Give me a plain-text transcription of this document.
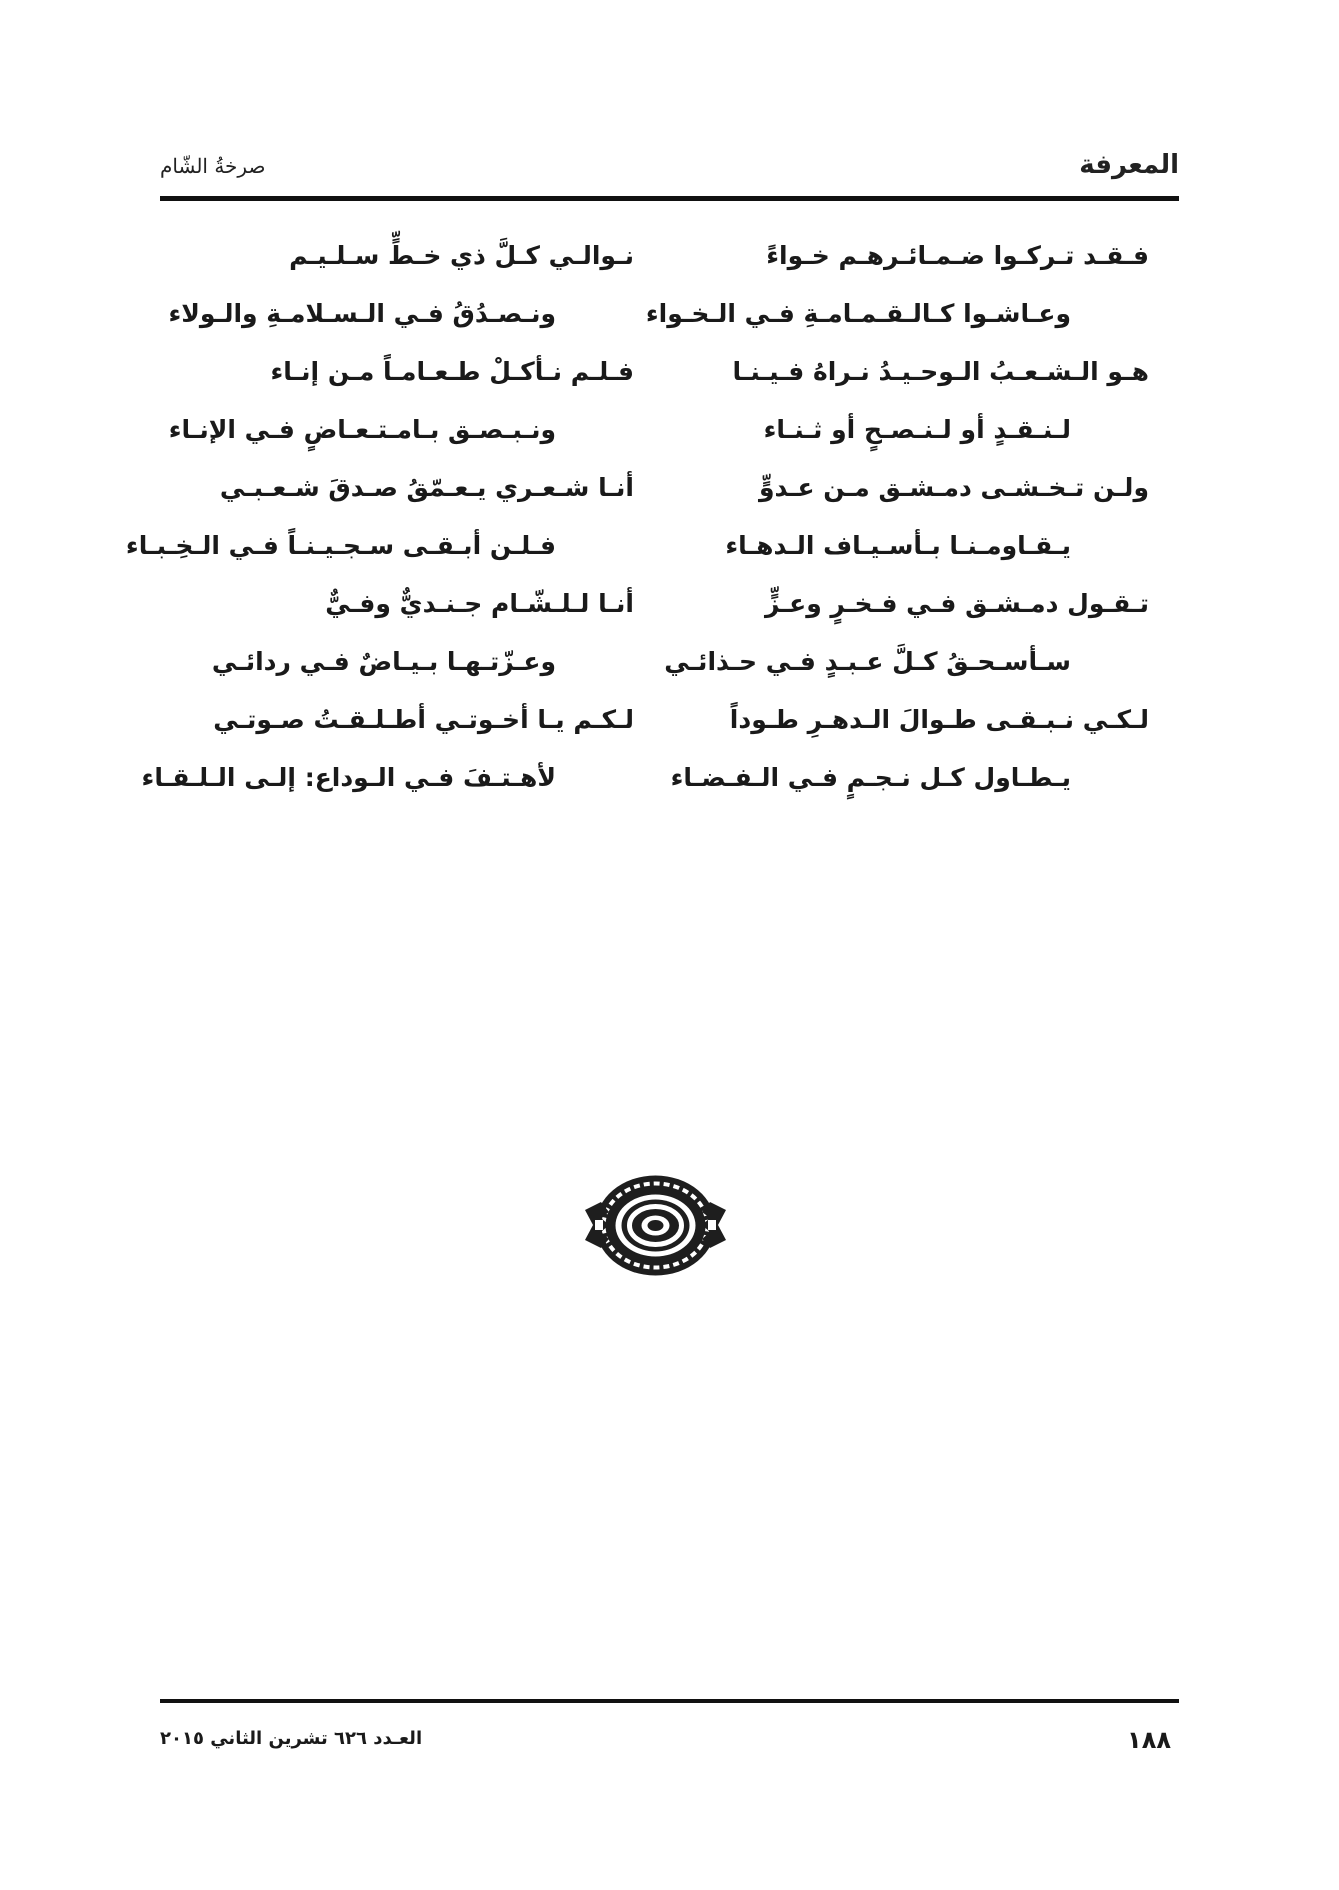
المعرفة
صرخةُ الشّام
فـقـد تـركـوا ضـمـائـرهـم خـواءً
وعـاشـوا كـالـقـمـامـةِ فـي الـخـواء
هـو الـشـعـبُ الـوحـيـدُ نـراهُ فـيـنـا
لـنـقـدٍ أو لـنـصـحٍ أو ثـنـاء
ولـن تـخـشـى دمـشـق مـن عـدوٍّ
يـقـاومـنـا بـأسـيـاف الـدهـاء
تـقـول دمـشـق فـي فـخـرٍ وعـزٍّ
سـأسـحـقُ كـلَّ عـبـدٍ فـي حـذائـي
لـكـي نـبـقـى طـوالَ الـدهـرِ طـوداً
يـطـاول كـل نـجـمٍ فـي الـفـضـاء
نـوالـي كـلَّ ذي خـطٍّ سـلـيـم
ونـصـدُقُ فـي الـسـلامـةِ والـولاء
فـلـم نـأكـلْ طـعـامـاً مـن إنـاء
ونـبـصـق بـامـتـعـاضٍ فـي الإنـاء
أنـا شـعـري يـعـمّقُ صـدقَ شـعـبـي
فـلـن أبـقـى سـجـيـنـاً فـي الـخِـبـاء
أنـا لـلـشّـام جـنـديٌّ وفـيٌّ
وعـزّتـهـا بـيـاضٌ فـي ردائـي
لـكـم يـا أخـوتـي أطـلـقـتُ صـوتـي
لأهـتـفَ فـي الـوداع: إلـى الـلـقـاء
١٨٨
العـدد ٦٢٦ تشرين الثاني ٢٠١٥
